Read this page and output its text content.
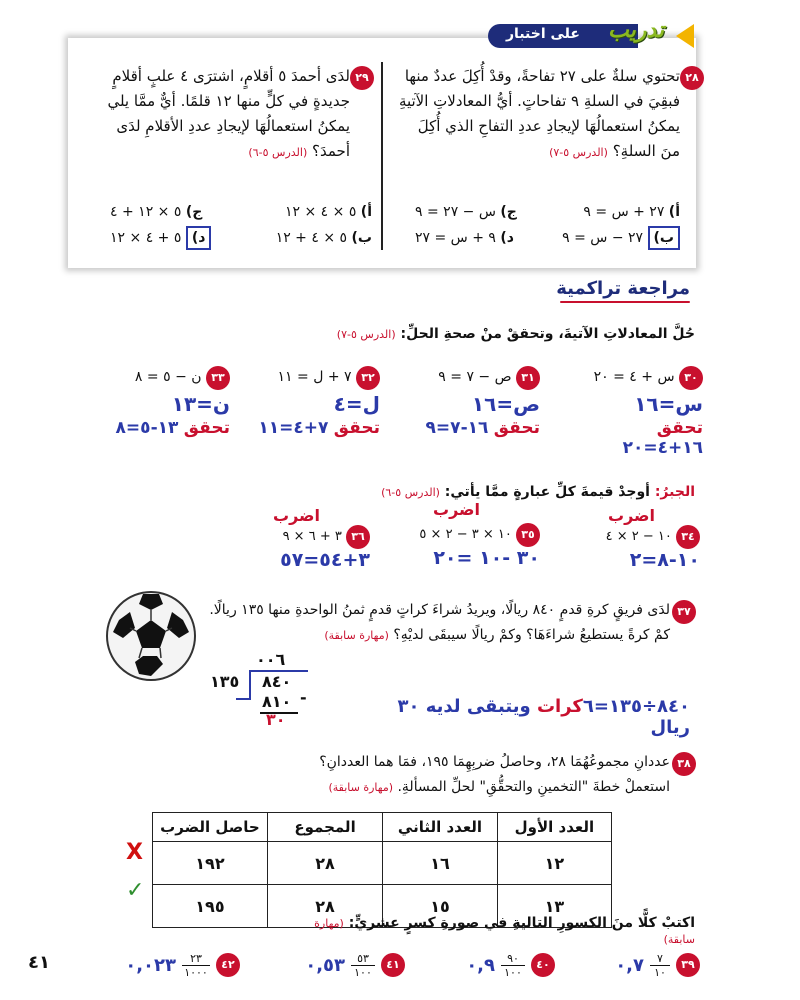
على اختبار تدريب
٢٨
تحتوي سلةٌ على ٢٧ تفاحةً، وقدْ أُكِلَ عددٌ منها فبقِيَ في السلةِ ٩ تفاحاتٍ. أيُّ المعادلاتِ الآتيةِ يمكنُ استعمالُهَا لإيجادِ عددِ التفاحِ الذي أُكِلَ منَ السلةِ؟ (الدرس ٥-٧)
أ) ٢٧ + س = ٩
ج) س − ٢٧ = ٩
ب) ٢٧ − س = ٩
د) ٩ + س = ٢٧
٢٩
لدَى أحمدَ ٥ أقلامٍ، اشترَى ٤ علبٍ أقلامٍ جديدةٍ في كلٍّ منها ١٢ قلمًا. أيٌّ ممَّا يلي يمكنُ استعمالُهَا لإيجادِ عددِ الأقلامِ لدَى أحمدَ؟ (الدرس ٥-٦)
أ) ٥ × ٤ × ١٢
ج) ٥ × ١٢ + ٤
ب) ٥ × ٤ + ١٢
د) ٥ + ٤ × ١٢
مراجعة تراكمية
حُلَّ المعادلاتِ الآتيةَ، وتحققْ منْ صحةِ الحلِّ: (الدرس ٥-٧)
٣٠ س + ٤ = ٢٠
س=١٦
تحقق ١٦+٤=٢٠
٣١ ص − ٧ = ٩
ص=١٦
تحقق ١٦-٧=٩
٣٢ ٧ + ل = ١١
ل=٤
تحقق ٧+٤=١١
٣٣ ن − ٥ = ٨
ن=١٣
تحقق ١٣-٥=٨
الجبرُ: أوجدْ قيمةَ كلِّ عبارةٍ ممَّا يأتي: (الدرس ٥-٦)
اضرب
٣٤ ١٠ − ٢ × ٤
١٠-٨=٢
اضرب
٣٥ ١٠ × ٣ − ٢ × ٥
٣٠ -١٠ =٢٠
اضرب
٣٦ ٣ + ٦ × ٩
٣+٥٤=٥٧
٣٧
لدَى فريقٍ كرةِ قدمٍ ٨٤٠ ريالًا، ويريدُ شراءَ كراتٍ قدمٍ ثمنُ الواحدةِ منها ١٣٥ ريالًا.
كمْ كرةً يستطيعُ شراءَهَا؟ وكمْ ريالًا سيبقَى لديْهِ؟ (مهارة سابقة)
٠٠٦
١٣٥ ٨٤٠
٨١٠ -
٣٠
٨٤٠÷١٣٥=٦كرات ويتبقى لديه ٣٠ ريال
٣٨
عددانِ مجموعُهُمَا ٢٨، وحاصلُ ضربِهِمَا ١٩٥، فمَا هما العددانِ؟
استعملْ خطةَ "التخمينِ والتحقُّقِ" لحلِّ المسألةِ. (مهارة سابقة)
العدد الأول	العدد الثاني	المجموع	حاصل الضرب
١٢	١٦	٢٨	١٩٢
١٣	١٥	٢٨	١٩٥
X
✓
اكتبْ كلًّا منَ الكسورِ التاليةِ في صورةِ كسرٍ عشريٍّ: (مهارة سابقة)
٣٩
٧
١٠
٠,٧
٤٠
٩٠
١٠٠
٠,٩
٤١
٥٣
١٠٠
٠,٥٣
٤٢
٢٣
١٠٠٠
٠,٠٢٣
٤١
